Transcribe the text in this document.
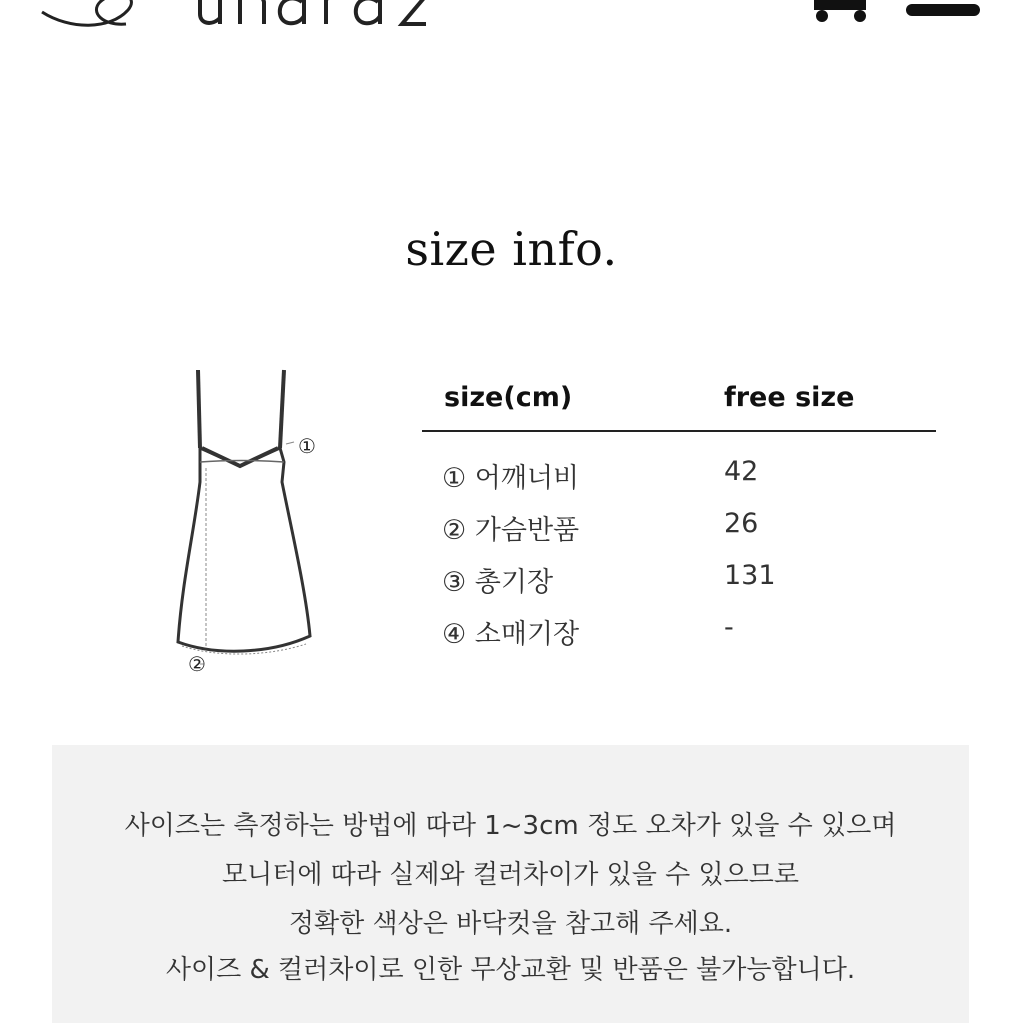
size info.
①
②
size(cm)	free size
① 어깨너비	42
② 가슴반품	26
③ 총기장	131
④ 소매기장	-
사이즈는 측정하는 방법에 따라 1~3cm 정도 오차가 있을 수 있으며
모니터에 따라 실제와 컬러차이가 있을 수 있으므로
정확한 색상은 바닥컷을 참고해 주세요.
사이즈 & 컬러차이로 인한 무상교환 및 반품은 불가능합니다.
